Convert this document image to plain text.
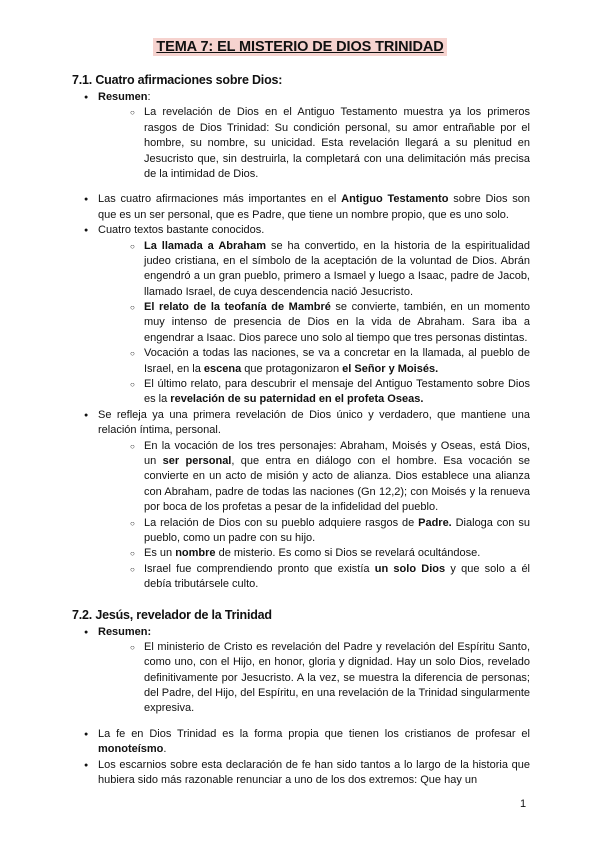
TEMA 7: EL MISTERIO DE DIOS TRINIDAD
7.1. Cuatro afirmaciones sobre Dios:
● Resumen:
○ La revelación de Dios en el Antiguo Testamento muestra ya los primeros rasgos de Dios Trinidad: Su condición personal, su amor entrañable por el hombre, su nombre, su unicidad. Esta revelación llegará a su plenitud en Jesucristo que, sin destruirla, la completará con una delimitación más precisa de la intimidad de Dios.
● Las cuatro afirmaciones más importantes en el Antiguo Testamento sobre Dios son que es un ser personal, que es Padre, que tiene un nombre propio, que es uno solo.
● Cuatro textos bastante conocidos.
○ La llamada a Abraham se ha convertido, en la historia de la espiritualidad judeo cristiana, en el símbolo de la aceptación de la voluntad de Dios. Abrán engendró a un gran pueblo, primero a Ismael y luego a Isaac, padre de Jacob, llamado Israel, de cuya descendencia nació Jesucristo.
○ El relato de la teofanía de Mambré se convierte, también, en un momento muy intenso de presencia de Dios en la vida de Abraham. Sara iba a engendrar a Isaac. Dios parece uno solo al tiempo que tres personas distintas.
○ Vocación a todas las naciones, se va a concretar en la llamada, al pueblo de Israel, en la escena que protagonizaron el Señor y Moisés.
○ El último relato, para descubrir el mensaje del Antiguo Testamento sobre Dios es la revelación de su paternidad en el profeta Oseas.
● Se refleja ya una primera revelación de Dios único y verdadero, que mantiene una relación íntima, personal.
○ En la vocación de los tres personajes: Abraham, Moisés y Oseas, está Dios, un ser personal, que entra en diálogo con el hombre. Esa vocación se convierte en un acto de misión y acto de alianza. Dios establece una alianza con Abraham, padre de todas las naciones (Gn 12,2); con Moisés y la renueva por boca de los profetas a pesar de la infidelidad del pueblo.
○ La relación de Dios con su pueblo adquiere rasgos de Padre. Dialoga con su pueblo, como un padre con su hijo.
○ Es un nombre de misterio. Es como si Dios se revelará ocultándose.
○ Israel fue comprendiendo pronto que existía un solo Dios y que solo a él debía tributársele culto.
7.2. Jesús, revelador de la Trinidad
● Resumen:
○ El ministerio de Cristo es revelación del Padre y revelación del Espíritu Santo, como uno, con el Hijo, en honor, gloria y dignidad. Hay un solo Dios, revelado definitivamente por Jesucristo. A la vez, se muestra la diferencia de personas; del Padre, del Hijo, del Espíritu, en una revelación de la Trinidad singularmente expresiva.
● La fe en Dios Trinidad es la forma propia que tienen los cristianos de profesar el monoteísmo.
● Los escarnios sobre esta declaración de fe han sido tantos a lo largo de la historia que hubiera sido más razonable renunciar a uno de los dos extremos: Que hay un
1
